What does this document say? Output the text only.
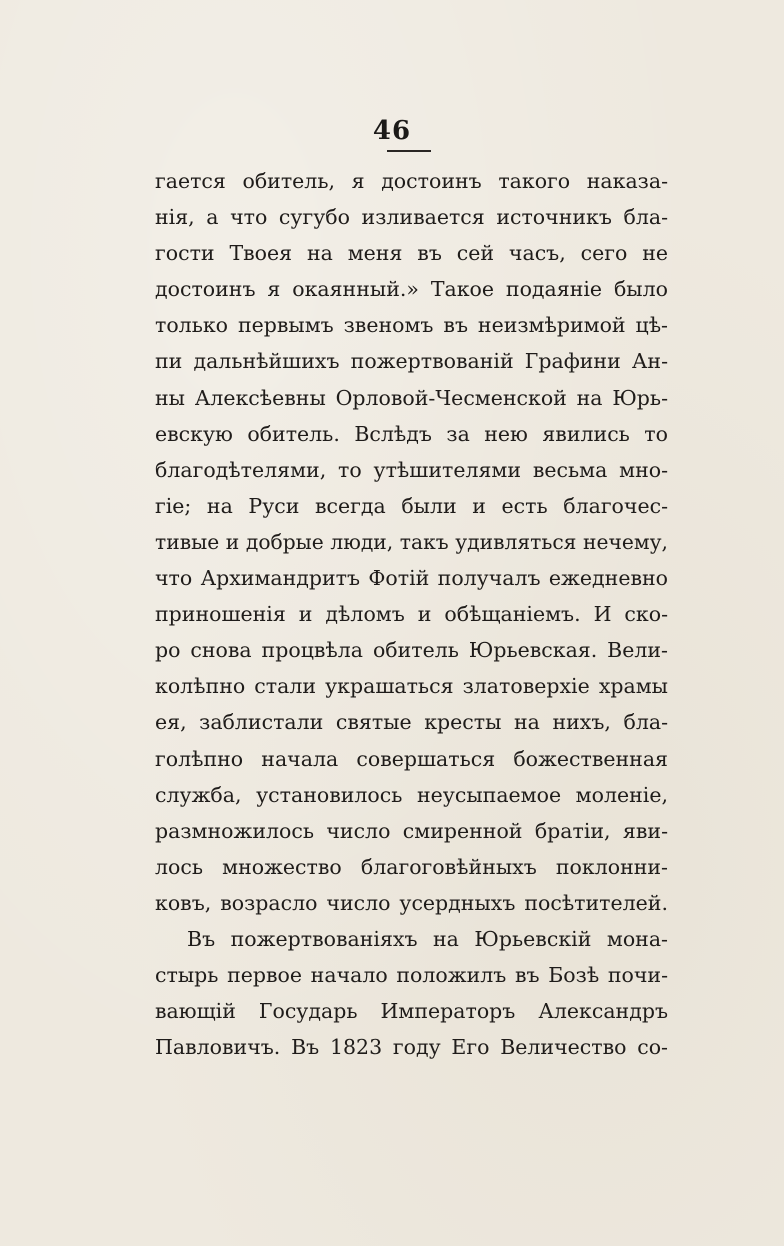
46
гается обитель, я достоинъ такого наказа-
нія, а что сугубо изливается источникъ бла-
гости Твоея на меня въ сей часъ, сего не
достоинъ я окаянный.» Такое подаяніе было
только первымъ звеномъ въ неизмѣримой цѣ-
пи дальнѣйшихъ пожертвованій Графини Ан-
ны Алексѣевны Орловой-Чесменской на Юрь-
евскую обитель. Вслѣдъ за нею явились то
благодѣтелями, то утѣшителями весьма мно-
гіе; на Руси всегда были и есть благочес-
тивые и добрые люди, такъ удивляться нечему,
что Архимандритъ Фотій получалъ ежедневно
приношенія и дѣломъ и обѣщаніемъ. И ско-
ро снова процвѣла обитель Юрьевская. Вели-
колѣпно стали украшаться златоверхіе храмы
ея, заблистали святые кресты на нихъ, бла-
голѣпно начала совершаться божественная
служба, установилось неусыпаемое моленіе,
размножилось число смиренной братіи, яви-
лось множество благоговѣйныхъ поклонни-
ковъ, возрасло число усердныхъ посѣтителей.
Въ пожертвованіяхъ на Юрьевскій мона-
стырь первое начало положилъ въ Бозѣ почи-
вающій Государь Императоръ Александръ
Павловичъ. Въ 1823 году Его Величество со-
